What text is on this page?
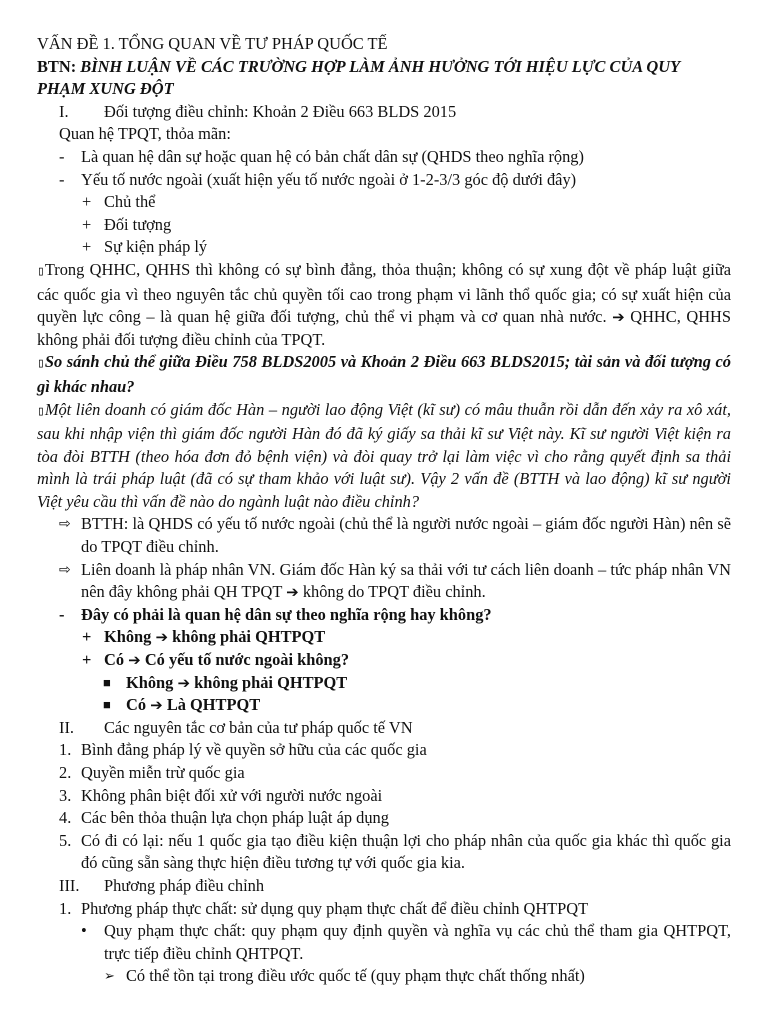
VẤN ĐỀ 1. TỔNG QUAN VỀ TƯ PHÁP QUỐC TẾ
BTN: BÌNH LUẬN VỀ CÁC TRƯỜNG HỢP LÀM ẢNH HƯỞNG TỚI HIỆU LỰC CỦA QUY PHẠM XUNG ĐỘT
I. Đối tượng điều chỉnh: Khoản 2 Điều 663 BLDS 2015
Quan hệ TPQT, thỏa mãn:
- Là quan hệ dân sự hoặc quan hệ có bản chất dân sự (QHDS theo nghĩa rộng)
- Yếu tố nước ngoài (xuất hiện yếu tố nước ngoài ở 1-2-3/3 góc độ dưới đây)
+ Chủ thể
+ Đối tượng
+ Sự kiện pháp lý
▯Trong QHHC, QHHS thì không có sự bình đẳng, thỏa thuận; không có sự xung đột về pháp luật giữa các quốc gia vì theo nguyên tắc chủ quyền tối cao trong phạm vi lãnh thổ quốc gia; có sự xuất hiện của quyền lực công – là quan hệ giữa đối tượng, chủ thể vi phạm và cơ quan nhà nước. ➔ QHHC, QHHS không phải đối tượng điều chỉnh của TPQT.
▯So sánh chủ thể giữa Điều 758 BLDS2005 và Khoản 2 Điều 663 BLDS2015; tài sản và đối tượng có gì khác nhau?
▯Một liên doanh có giám đốc Hàn – người lao động Việt (kĩ sư) có mâu thuẫn rồi dẫn đến xảy ra xô xát, sau khi nhập viện thì giám đốc người Hàn đó đã ký giấy sa thải kĩ sư Việt này. Kĩ sư người Việt kiện ra tòa đòi BTTH (theo hóa đơn đỏ bệnh viện) và đòi quay trở lại làm việc vì cho rằng quyết định sa thải mình là trái pháp luật (đã có sự tham khảo với luật sư). Vậy 2 vấn đề (BTTH và lao động) kĩ sư người Việt yêu cầu thì vấn đề nào do ngành luật nào điều chỉnh?
⇨ BTTH: là QHDS có yếu tố nước ngoài (chủ thể là người nước ngoài – giám đốc người Hàn) nên sẽ do TPQT điều chỉnh.
⇨ Liên doanh là pháp nhân VN. Giám đốc Hàn ký sa thải với tư cách liên doanh – tức pháp nhân VN nên đây không phải QH TPQT ➔ không do TPQT điều chỉnh.
- Đây có phải là quan hệ dân sự theo nghĩa rộng hay không?
+ Không ➔ không phải QHTPQT
+ Có ➔ Có yếu tố nước ngoài không?
■ Không ➔ không phải QHTPQT
■ Có ➔ Là QHTPQT
II. Các nguyên tắc cơ bản của tư pháp quốc tế VN
1. Bình đẳng pháp lý về quyền sở hữu của các quốc gia
2. Quyền miễn trừ quốc gia
3. Không phân biệt đối xử với người nước ngoài
4. Các bên thỏa thuận lựa chọn pháp luật áp dụng
5. Có đi có lại: nếu 1 quốc gia tạo điều kiện thuận lợi cho pháp nhân của quốc gia khác thì quốc gia đó cũng sẵn sàng thực hiện điều tương tự với quốc gia kia.
III. Phương pháp điều chỉnh
1. Phương pháp thực chất: sử dụng quy phạm thực chất để điều chỉnh QHTPQT
• Quy phạm thực chất: quy phạm quy định quyền và nghĩa vụ các chủ thể tham gia QHTPQT, trực tiếp điều chỉnh QHTPQT.
➢ Có thể tồn tại trong điều ước quốc tế (quy phạm thực chất thống nhất)
